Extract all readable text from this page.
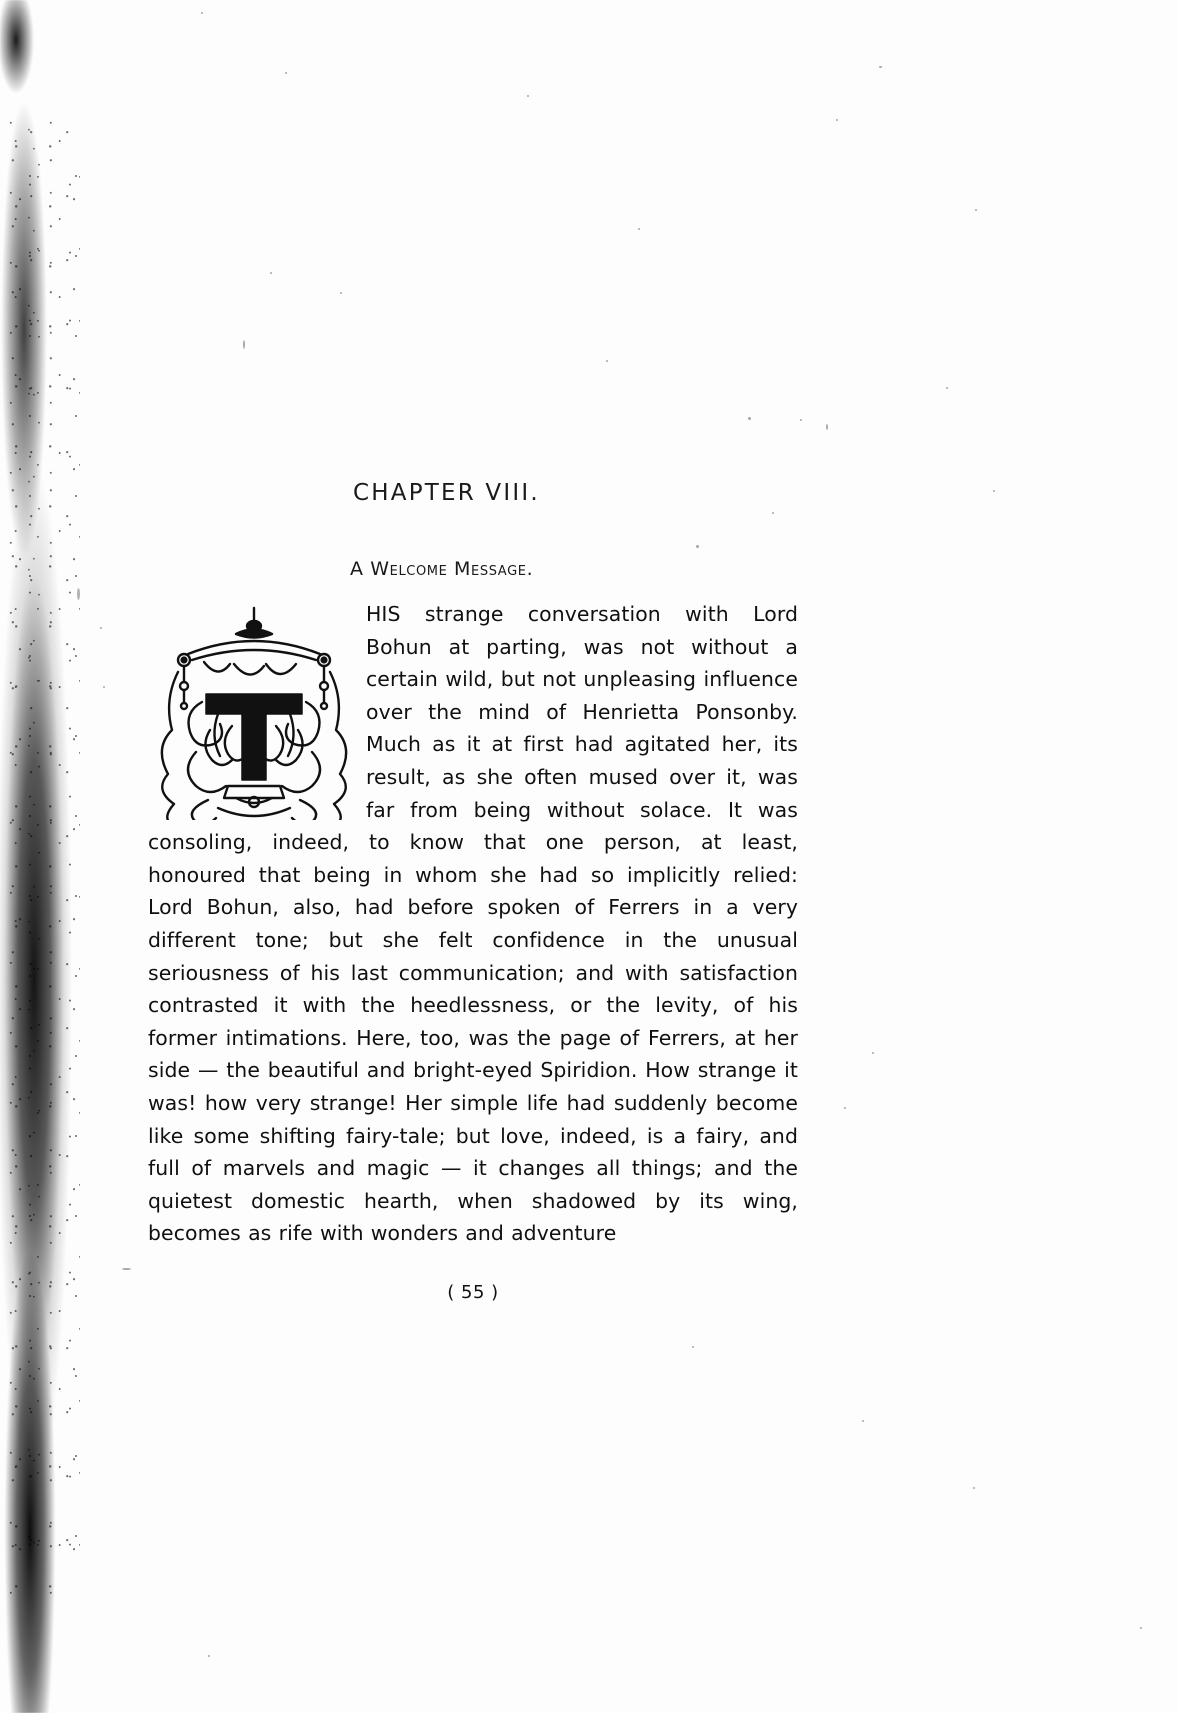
CHAPTER VIII.
A Welcome Message.

HIS strange conversation with Lord Bohun at parting, was not without a certain wild, but not unpleasing influence over the mind of Henrietta Ponsonby. Much as it at first had agitated her, its result, as she often mused over it, was far from being without solace. It was consoling, indeed, to know that one person, at least, honoured that being in whom she had so implicitly relied: Lord Bohun, also, had before spoken of Ferrers in a very different tone; but she felt confidence in the unusual seriousness of his last communication; and with satisfaction contrasted it with the heedlessness, or the levity, of his former intimations. Here, too, was the page of Ferrers, at her side — the beautiful and bright-eyed Spiridion. How strange it was! how very strange! Her simple life had suddenly become like some shifting fairy-tale; but love, indeed, is a fairy, and full of marvels and magic — it changes all things; and the quietest domestic hearth, when shadowed by its wing, becomes as rife with wonders and adventure

( 55 )
